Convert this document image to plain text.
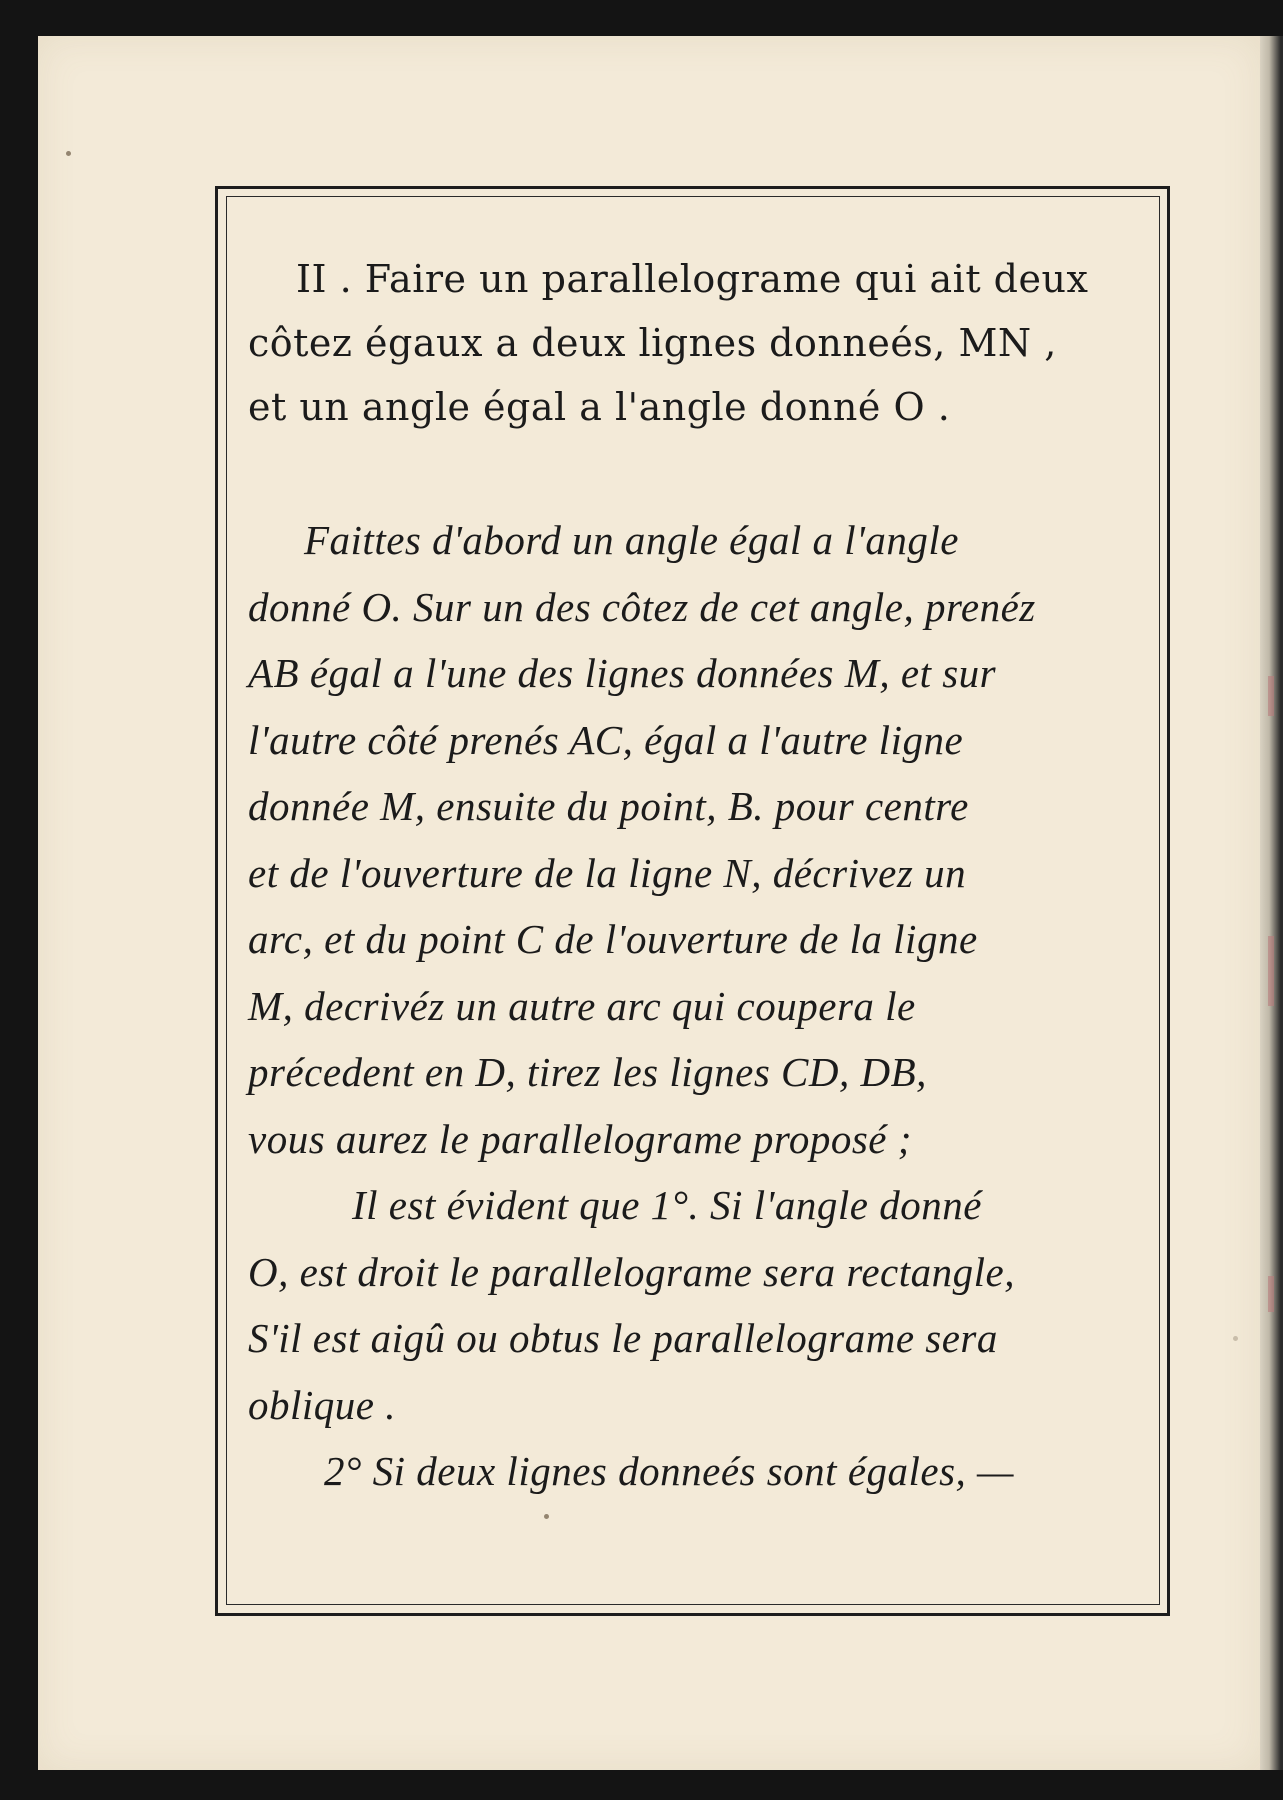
II . Faire un parallelograme qui ait deux

côtez égaux a deux lignes donneés, MN ,

et un angle égal a l'angle donné O .

Faittes d'abord un angle égal a l'angle

donné O. Sur un des côtez de cet angle, prenéz

AB égal a l'une des lignes données M, et sur

l'autre côté prenés AC, égal a l'autre ligne

donnée M, ensuite du point, B. pour centre

et de l'ouverture de la ligne N, décrivez un

arc, et du point C de l'ouverture de la ligne

M, decrivéz un autre arc qui coupera le

précedent en D, tirez les lignes CD, DB,

vous aurez le parallelograme proposé ;

Il est évident que 1°. Si l'angle donné

O, est droit le parallelograme sera rectangle,

S'il est aigû ou obtus le parallelograme sera

oblique .

2° Si deux lignes donneés sont égales, —
